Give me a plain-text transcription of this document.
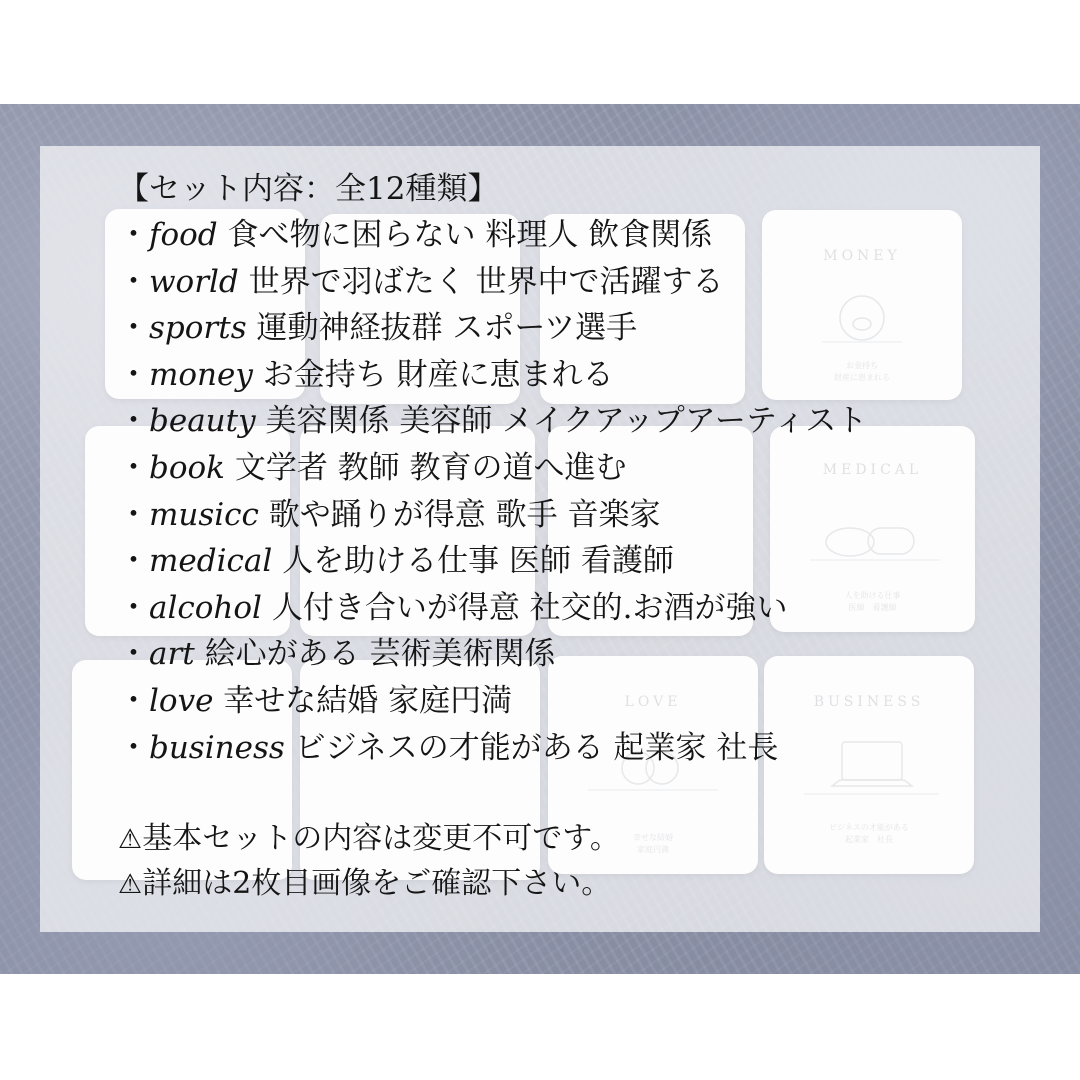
【セット内容：全12種類】
・food 食べ物に困らない 料理人 飲食関係
・world 世界で羽ばたく 世界中で活躍する
・sports 運動神経抜群 スポーツ選手
・money お金持ち 財産に恵まれる
・beauty 美容関係 美容師 メイクアップアーティスト
・book 文学者 教師 教育の道へ進む
・musicc 歌や踊りが得意 歌手 音楽家
・medical 人を助ける仕事 医師 看護師
・alcohol 人付き合いが得意 社交的.お酒が強い
・art 絵心がある 芸術美術関係
・love 幸せな結婚 家庭円満
・business ビジネスの才能がある 起業家 社長
⚠基本セットの内容は変更不可です。
⚠詳細は2枚目画像をご確認下さい。
